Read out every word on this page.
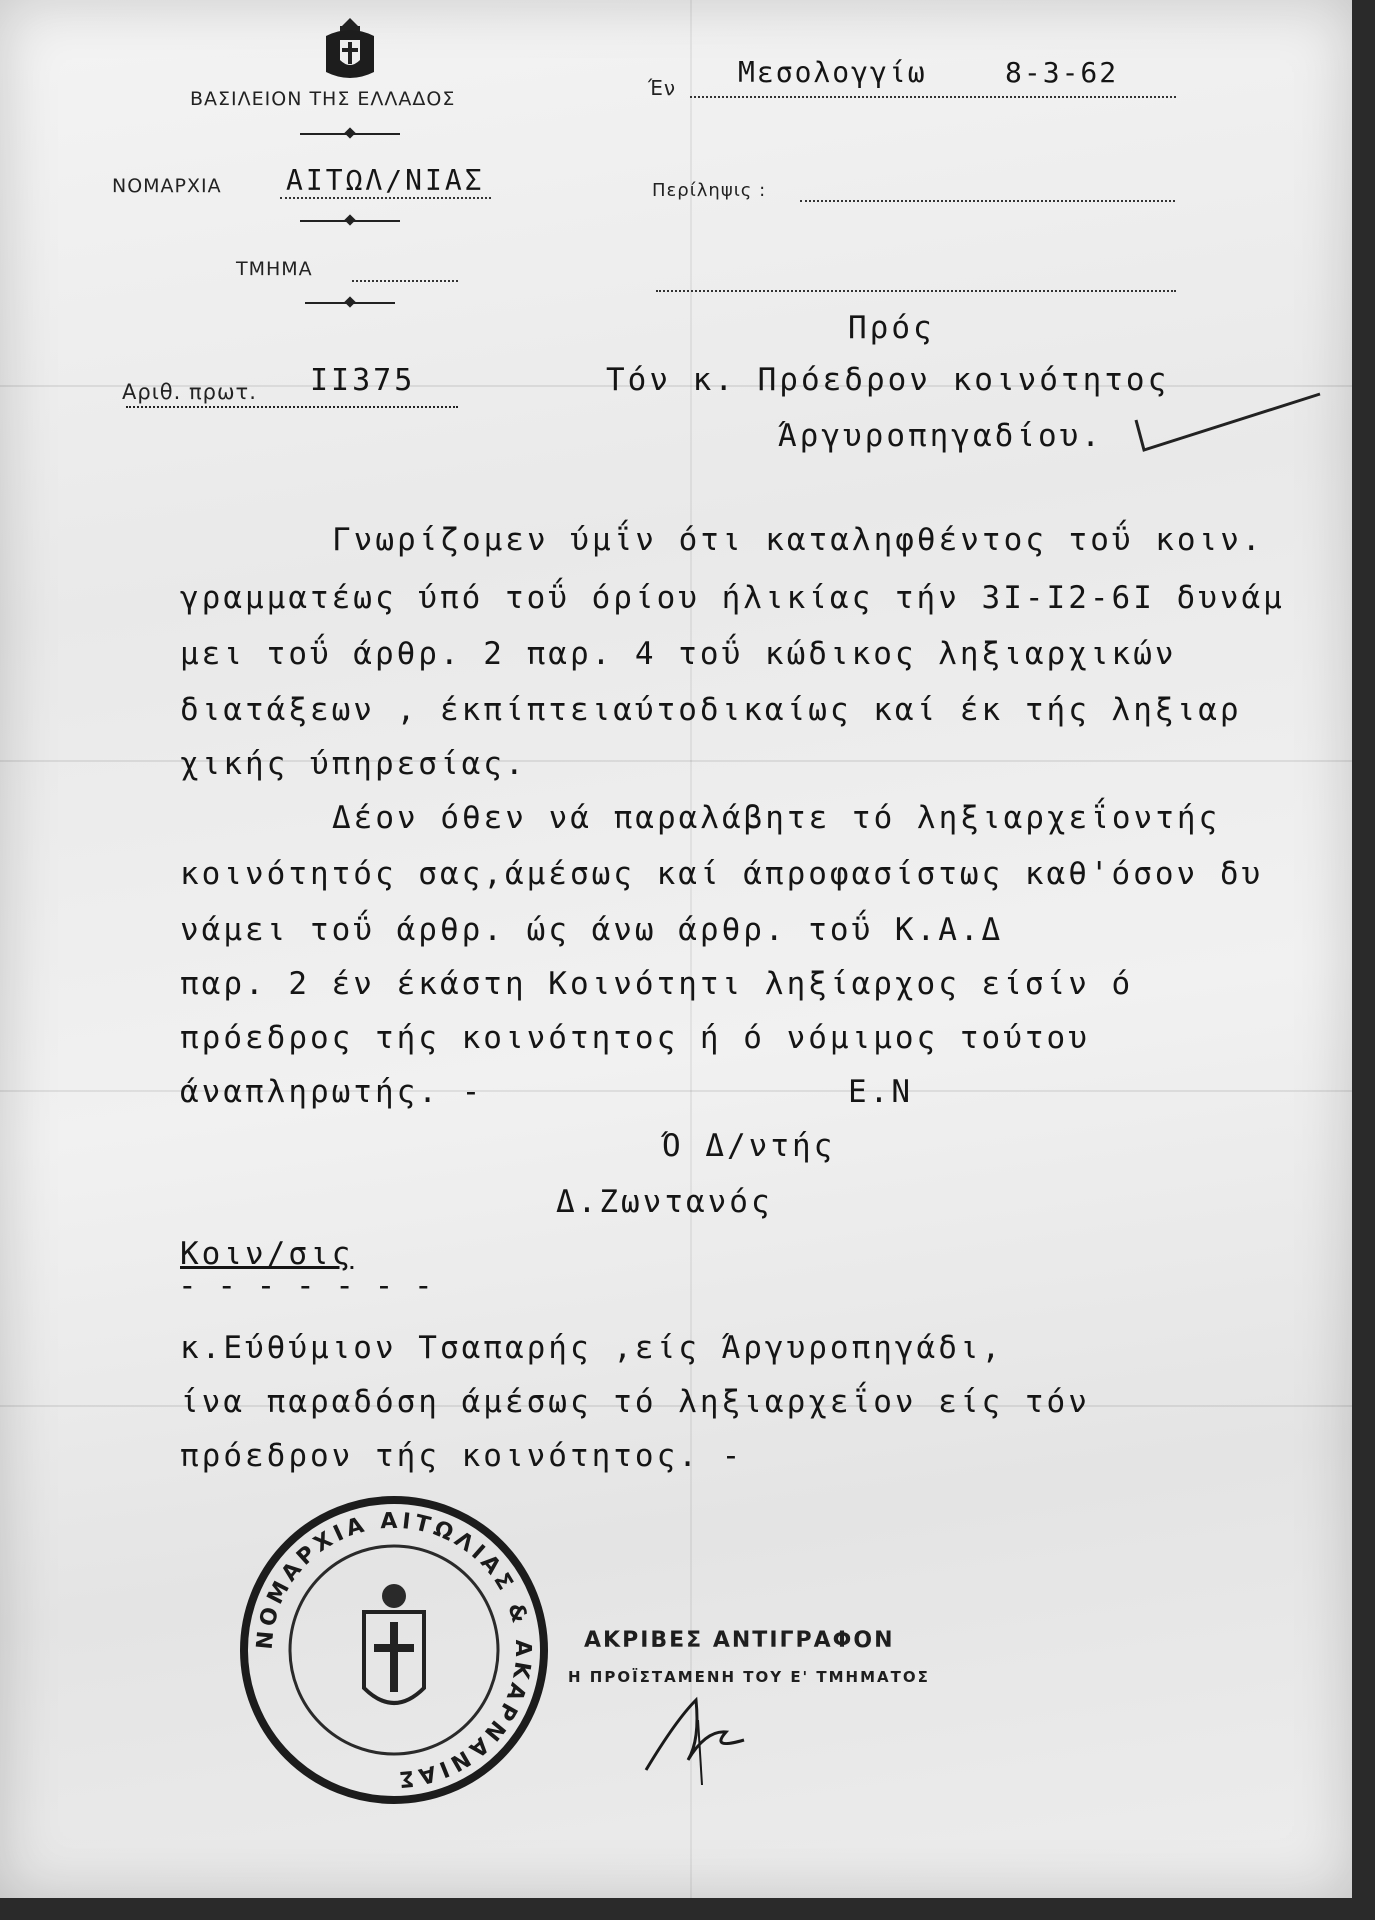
ΒΑΣΙΛΕΙΟΝ ΤΗΣ ΕΛΛΑΔΟΣ
ΝΟΜΑΡΧΙΑ ΑΙΤΩΛ/ΝΙΑΣ
ΤΜΗΜΑ
Αριθ. πρωτ. II375
Έν Μεσολογγίω	8-3-62
Περίληψις :
Πρός
Τόν κ. Πρόεδρον κοινότητος
Άργυροπηγαδίου.
Γνωρίζομεν ύμΐν ότι καταληφθέντος τοΰ κοιν.
γραμματέως ύπό τοΰ όρίου ήλικίας τήν 3Ι-Ι2-6Ι δυνάμ
μει τοΰ άρθρ. 2 παρ. 4 τοΰ κώδικος ληξιαρχικών
διατάξεων , έκπίπτειαύτοδικαίως καί έκ τής ληξιαρ
χικής ύπηρεσίας.
Δέον όθεν νά παραλάβητε τό ληξιαρχεΐοντής
κοινότητός σας,άμέσως καί άπροφασίστως καθ'όσον δυ
νάμει τοΰ άρθρ. ώς άνω άρθρ. τοΰ Κ.Α.Δ
παρ. 2 έν έκάστη Κοινότητι ληξίαρχος είσίν ό
πρόεδρος τής κοινότητος ή ό νόμιμος τούτου
άναπληρωτής. -	Ε.Ν
Ό Δ/ντής
Δ.Ζωντανός
Κοιν/σις
- - - - - - -
κ.Εύθύμιον Τσαπαρής ,είς Άργυροπηγάδι,
ίνα παραδόση άμέσως τό ληξιαρχεΐον είς τόν
πρόεδρον τής κοινότητος. -
ΝΟΜΑΡΧΙΑ ΑΙΤΩΛΙΑΣ & ΑΚΑΡΝΑΝΙΑΣ
ΑΚΡΙΒΕΣ ΑΝΤΙΓΡΑΦΟΝ
Η ΠΡΟΪΣΤΑΜΕΝΗ ΤΟΥ Ε' ΤΜΗΜΑΤΟΣ
